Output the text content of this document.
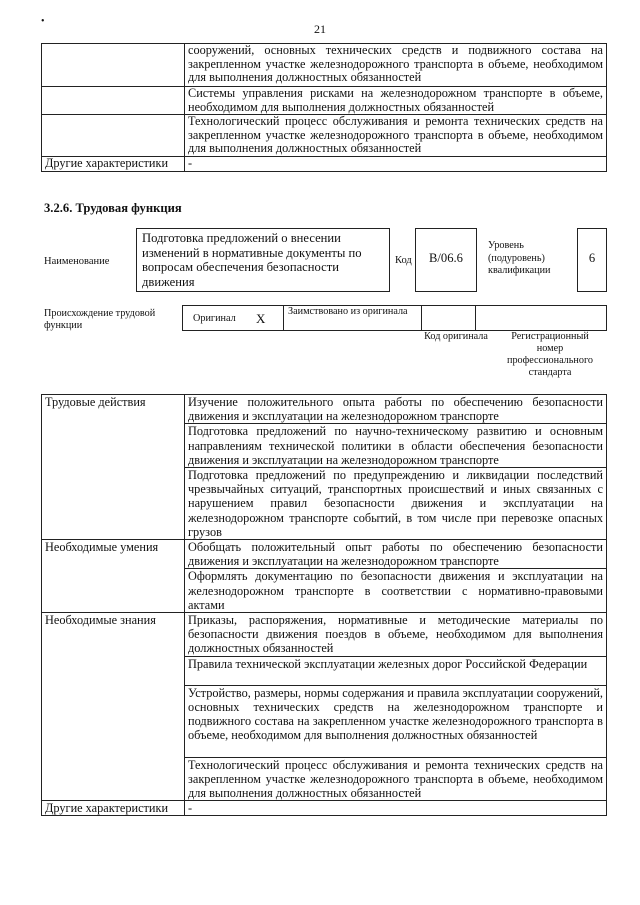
•
21
	сооружений, основных технических средств и подвижного состава на закрепленном участке железнодорожного транспорта в объеме, необходимом для выполнения должностных обязанностей
	Системы управления рисками на железнодорожном транспорте в объеме, необходимом для выполнения должностных обязанностей
	Технологический процесс обслуживания и ремонта технических средств на закрепленном участке железнодорожного транспорта в объеме, необходимом для выполнения должностных обязанностей
Другие характеристики	-
3.2.6. Трудовая функция
Наименование
Подготовка предложений о внесении изменений в нормативные документы по вопросам обеспечения безопасности движения
Код	В/06.6
Уровень (подуровень) квалификации
6
Происхождение трудовой функции
Оригинал X Заимствовано из оригинала
Код оригинала	Регистрационный номер профессионального стандарта
Трудовые действия	Изучение положительного опыта работы по обеспечению безопасности движения и эксплуатации на железнодорожном транспорте
	Подготовка предложений по научно-техническому развитию и основным направлениям технической политики в области обеспечения безопасности движения и эксплуатации на железнодорожном транспорте
	Подготовка предложений по предупреждению и ликвидации последствий чрезвычайных ситуаций, транспортных происшествий и иных связанных с нарушением правил безопасности движения и эксплуатации на железнодорожном транспорте событий, в том числе при перевозке опасных грузов
Необходимые умения	Обобщать положительный опыт работы по обеспечению безопасности движения и эксплуатации на железнодорожном транспорте
	Оформлять документацию по безопасности движения и эксплуатации на железнодорожном транспорте в соответствии с нормативно-правовыми актами
Необходимые знания	Приказы, распоряжения, нормативные и методические материалы по безопасности движения поездов в объеме, необходимом для выполнения должностных обязанностей
	Правила технической эксплуатации железных дорог Российской Федерации
	Устройство, размеры, нормы содержания и правила эксплуатации сооружений, основных технических средств на железнодорожном транспорте и подвижного состава на закрепленном участке железнодорожного транспорта в объеме, необходимом для выполнения должностных обязанностей
	Технологический процесс обслуживания и ремонта технических средств на закрепленном участке железнодорожного транспорта в объеме, необходимом для выполнения должностных обязанностей
Другие характеристики	-
